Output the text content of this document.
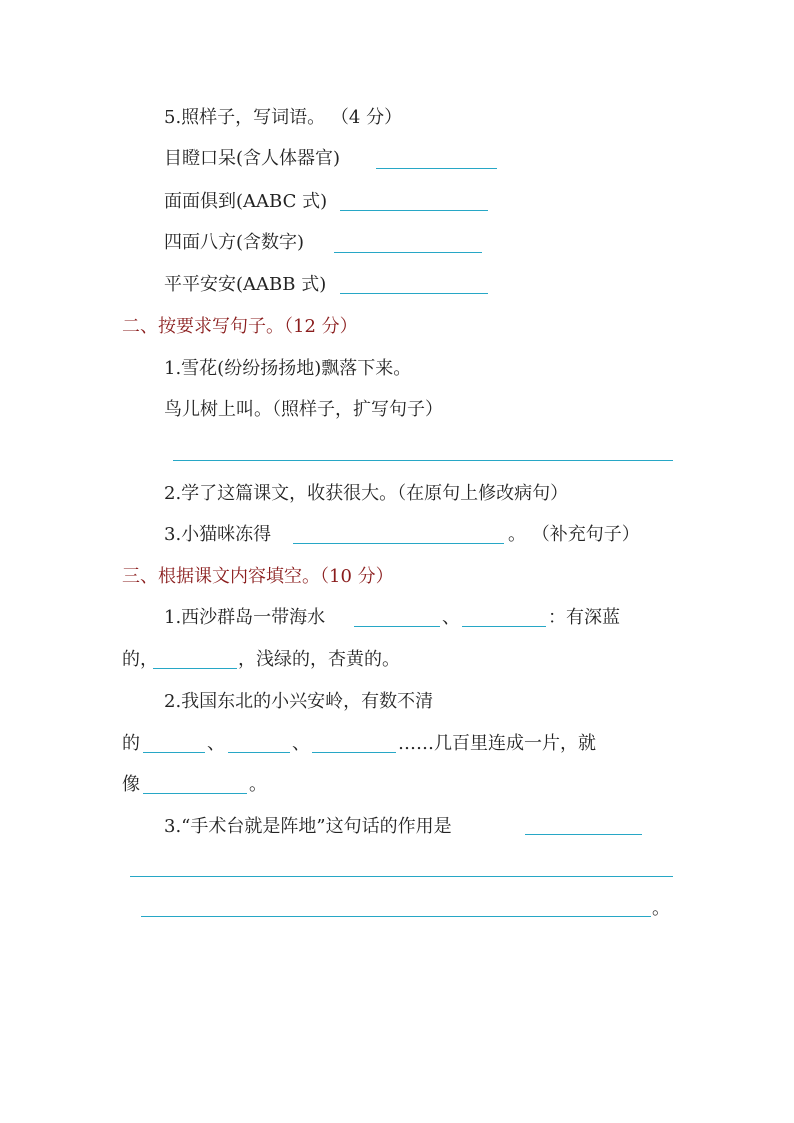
5.照样子，写词语。 （4 分）
目瞪口呆(含人体器官)
面面俱到(AABC 式)
四面八方(含数字)
平平安安(AABB 式)
二、按要求写句子。（12 分）
1.雪花(纷纷扬扬地)飘落下来。
鸟儿树上叫。（照样子，扩写句子）
2.学了这篇课文，收获很大。（在原句上修改病句）
3.小猫咪冻得	。 （补充句子）
三、根据课文内容填空。（10 分）
1.西沙群岛一带海水	、	：有深蓝
的，	，浅绿的，杏黄的。
2.我国东北的小兴安岭，有数不清
的	、	、	……几百里连成一片，就
像	。
3.“手术台就是阵地”这句话的作用是
。
